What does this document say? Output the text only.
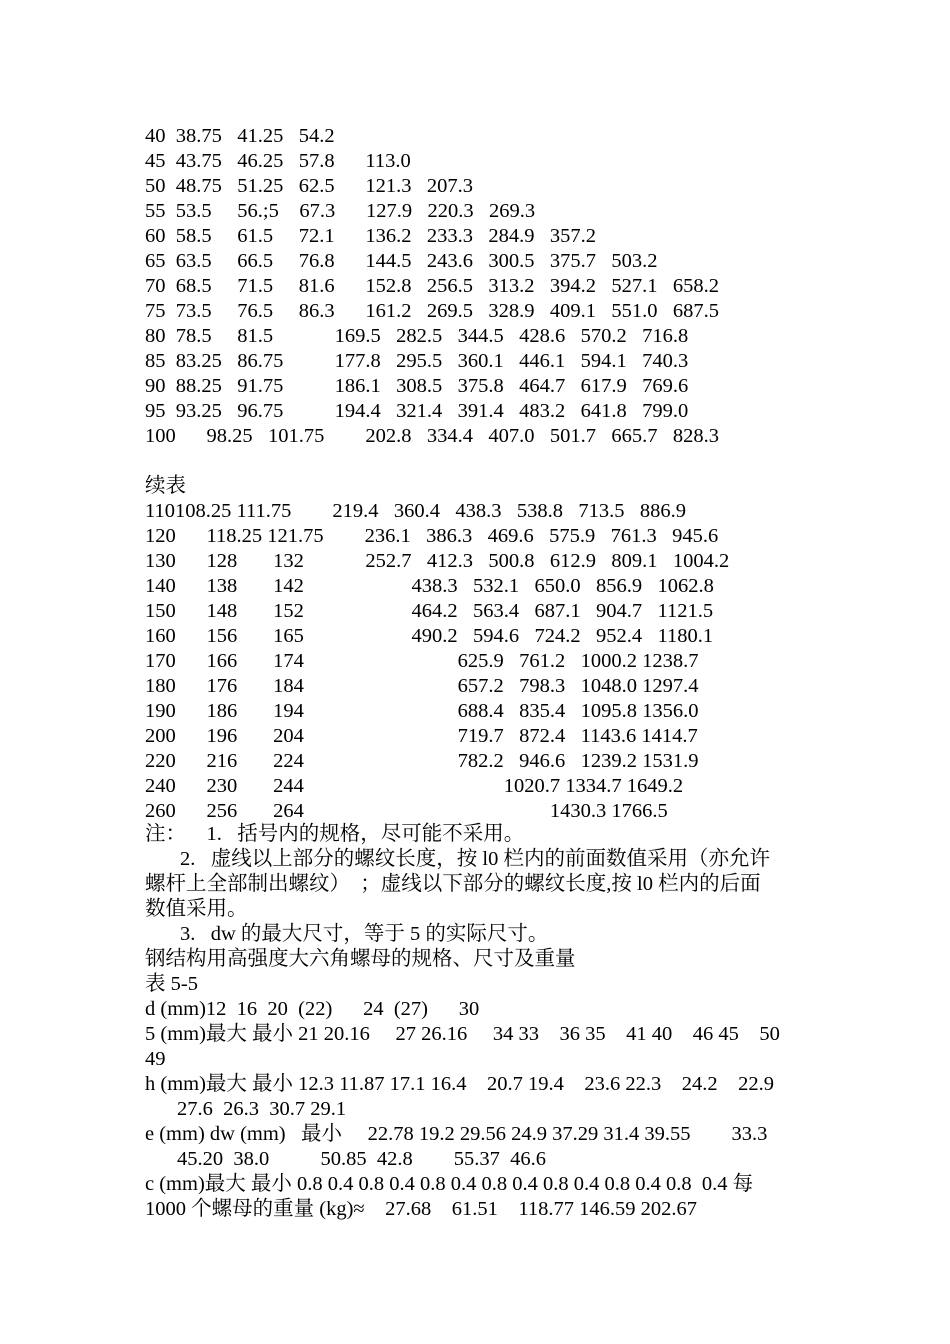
40  38.75   41.25   54.2

45  43.75   46.25   57.8      113.0

50  48.75   51.25   62.5      121.3   207.3

55  53.5     56.;5    67.3      127.9   220.3   269.3

60  58.5     61.5     72.1      136.2   233.3   284.9   357.2

65  63.5     66.5     76.8      144.5   243.6   300.5   375.7   503.2

70  68.5     71.5     81.6      152.8   256.5   313.2   394.2   527.1   658.2

75  73.5     76.5     86.3      161.2   269.5   328.9   409.1   551.0   687.5

80  78.5     81.5            169.5   282.5   344.5   428.6   570.2   716.8

85  83.25   86.75          177.8   295.5   360.1   446.1   594.1   740.3

90  88.25   91.75          186.1   308.5   375.8   464.7   617.9   769.6

95  93.25   96.75          194.4   321.4   391.4   483.2   641.8   799.0

100      98.25   101.75        202.8   334.4   407.0   501.7   665.7   828.3

续表

110108.25 111.75        219.4   360.4   438.3   538.8   713.5   886.9

120      118.25 121.75        236.1   386.3   469.6   575.9   761.3   945.6

130      128       132            252.7   412.3   500.8   612.9   809.1   1004.2

140      138       142                     438.3   532.1   650.0   856.9   1062.8

150      148       152                     464.2   563.4   687.1   904.7   1121.5

160      156       165                     490.2   594.6   724.2   952.4   1180.1

170      166       174                              625.9   761.2   1000.2 1238.7

180      176       184                              657.2   798.3   1048.0 1297.4

190      186       194                              688.4   835.4   1095.8 1356.0

200      196       204                              719.7   872.4   1143.6 1414.7

220      216       224                              782.2   946.6   1239.2 1531.9

240      230       244                                       1020.7 1334.7 1649.2

260      256       264                                                1430.3 1766.5

注：    1.   括号内的规格，尽可能不采用。

2.   虚线以上部分的螺纹长度，按 l0 栏内的前面数值采用（亦允许

螺杆上全部制出螺纹）  ；虚线以下部分的螺纹长度,按 l0 栏内的后面

数值采用。

3.   dw 的最大尺寸，等于 5 的实际尺寸。

钢结构用高强度大六角螺母的规格、尺寸及重量

表 5-5

d (mm)12  16  20  (22)      24  (27)      30

5 (mm)最大 最小 21 20.16     27 26.16     34 33    36 35    41 40    46 45    50

49

h (mm)最大 最小 12.3 11.87 17.1 16.4    20.7 19.4    23.6 22.3    24.2    22.9

27.6  26.3  30.7 29.1

e (mm) dw (mm)   最小     22.78 19.2 29.56 24.9 37.29 31.4 39.55        33.3

45.20  38.0          50.85  42.8        55.37  46.6

c (mm)最大 最小 0.8 0.4 0.8 0.4 0.8 0.4 0.8 0.4 0.8 0.4 0.8 0.4 0.8  0.4 每

1000 个螺母的重量 (kg)≈    27.68    61.51    118.77 146.59 202.67
